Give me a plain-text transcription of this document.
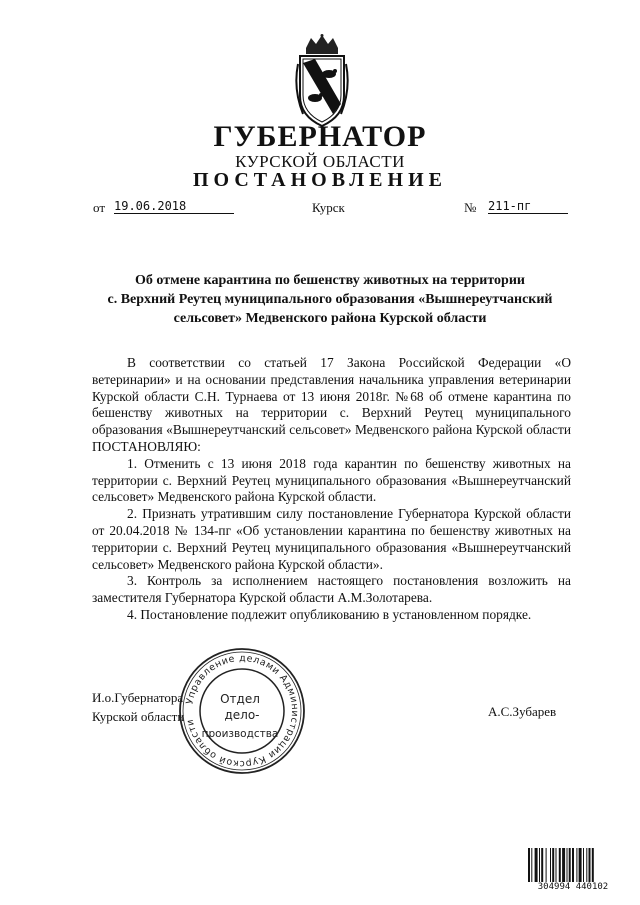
ГУБЕРНАТОР
КУРСКОЙ ОБЛАСТИ
ПОСТАНОВЛЕНИЕ
от 19.06.2018	Курск	№ 211-пг
Об отмене карантина по бешенству животных на территории
с. Верхний Реутец муниципального образования «Вышнереутчанский
сельсовет» Медвенского района Курской области

В соответствии со статьей 17 Закона Российской Федерации «О ветеринарии» и на основании представления начальника управления ветеринарии Курской области С.Н. Турнаева от 13 июня 2018г. №68 об отмене карантина по бешенству животных на территории с. Верхний Реутец муниципального образования «Вышнереутчанский сельсовет» Медвенского района Курской области ПОСТАНОВЛЯЮ:

1. Отменить с 13 июня 2018 года карантин по бешенству животных на территории с. Верхний Реутец муниципального образования «Вышнереутчанский сельсовет» Медвенского района Курской области.

2. Признать утратившим силу постановление Губернатора Курской области от 20.04.2018 № 134-пг «Об установлении карантина по бешенству животных на территории с. Верхний Реутец муниципального образования «Вышнереутчанский сельсовет» Медвенского района Курской области».

3. Контроль за исполнением настоящего постановления возложить на заместителя Губернатора Курской области А.М.Золотарева.

4. Постановление подлежит опубликованию в установленном порядке.

И.о.Губернатора
Курской области	А.С.Зубарев
Управление делами Администрации Курской области
Отдел
дело-
производства
304994 440102
